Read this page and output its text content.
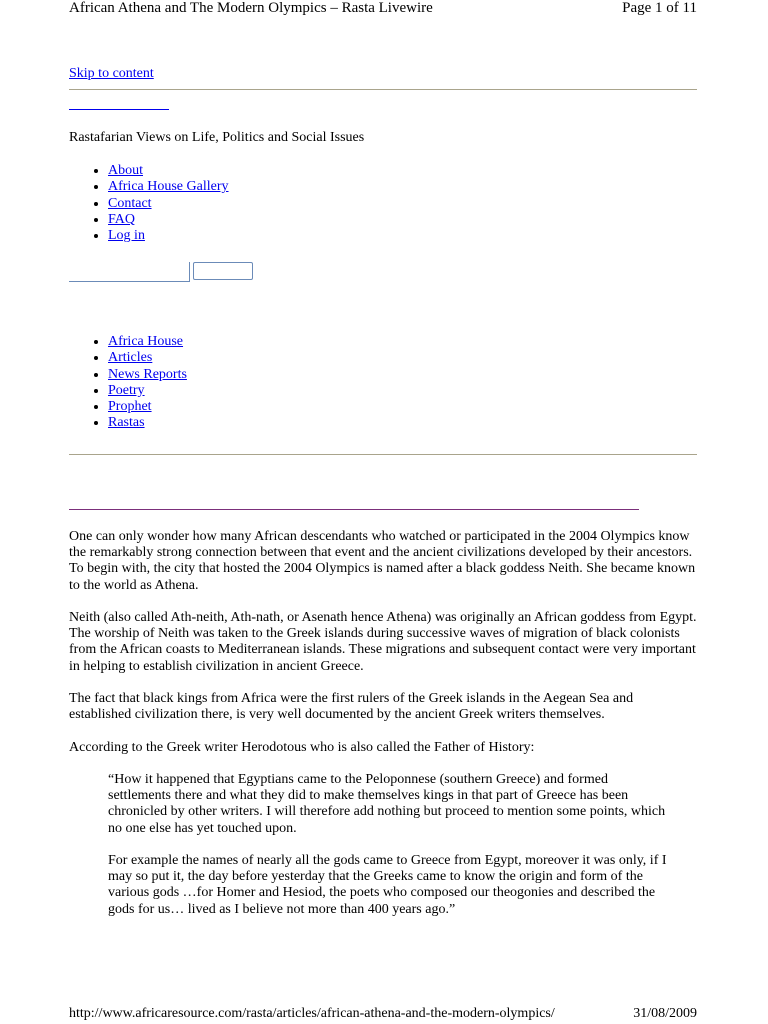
African Athena and The Modern Olympics – Rasta Livewire	Page 1 of 11
Skip to content
Rastafarian Views on Life, Politics and Social Issues
• About
• Africa House Gallery
• Contact
• FAQ
• Log in
• Africa House
• Articles
• News Reports
• Poetry
• Prophet
• Rastas

One can only wonder how many African descendants who watched or participated in the 2004 Olympics know the remarkably strong connection between that event and the ancient civilizations developed by their ancestors. To begin with, the city that hosted the 2004 Olympics is named after a black goddess Neith. She became known to the world as Athena.

Neith (also called Ath-neith, Ath-nath, or Asenath hence Athena) was originally an African goddess from Egypt. The worship of Neith was taken to the Greek islands during successive waves of migration of black colonists from the African coasts to Mediterranean islands. These migrations and subsequent contact were very important in helping to establish civilization in ancient Greece.

The fact that black kings from Africa were the first rulers of the Greek islands in the Aegean Sea and established civilization there, is very well documented by the ancient Greek writers themselves.

According to the Greek writer Herodotous who is also called the Father of History:

“How it happened that Egyptians came to the Peloponnese (southern Greece) and formed settlements there and what they did to make themselves kings in that part of Greece has been chronicled by other writers. I will therefore add nothing but proceed to mention some points, which no one else has yet touched upon.

For example the names of nearly all the gods came to Greece from Egypt, moreover it was only, if I may so put it, the day before yesterday that the Greeks came to know the origin and form of the various gods …for Homer and Hesiod, the poets who composed our theogonies and described the gods for us… lived as I believe not more than 400 years ago.”

http://www.africaresource.com/rasta/articles/african-athena-and-the-modern-olympics/	31/08/2009
